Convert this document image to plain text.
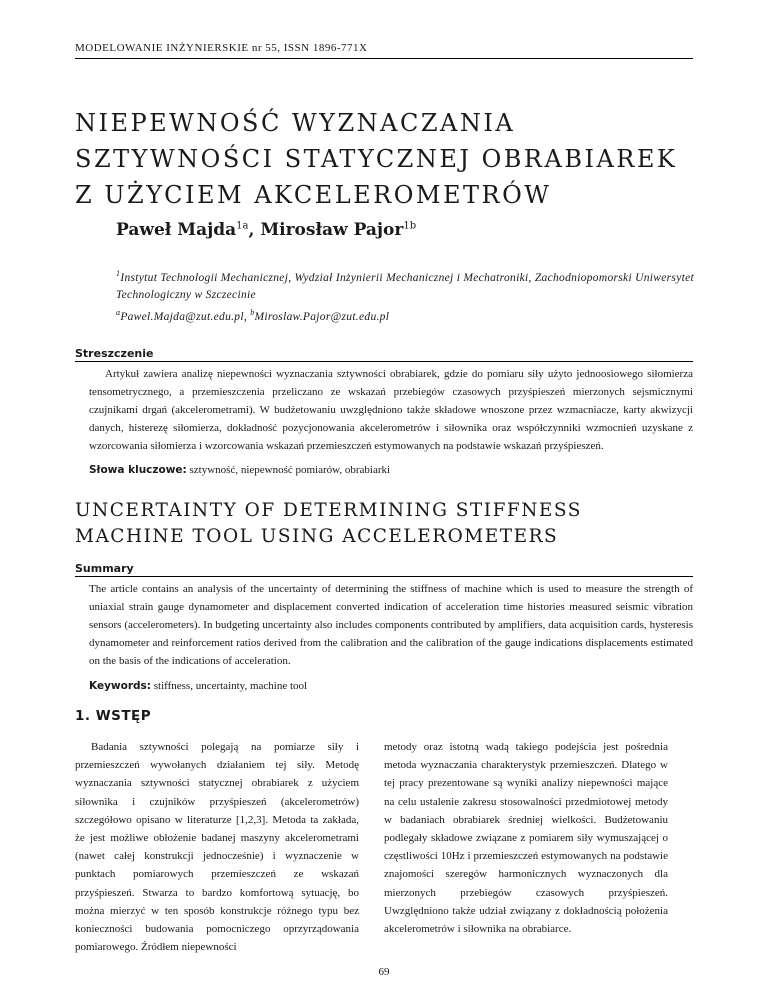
MODELOWANIE INŻYNIERSKIE nr 55, ISSN 1896-771X
NIEPEWNOŚĆ WYZNACZANIA SZTYWNOŚCI STATYCZNEJ OBRABIAREK Z UŻYCIEM AKCELEROMETRÓW
Paweł Majda$^{1a}$, Mirosław Pajor$^{1b}$
$^1$Instytut Technologii Mechanicznej, Wydział Inżynierii Mechanicznej i Mechatroniki, Zachodniopomorski Uniwersytet Technologiczny w Szczecinie
$^a$Pawel.Majda@zut.edu.pl, $^b$Miroslaw.Pajor@zut.edu.pl
Streszczenie

Artykuł zawiera analizę niepewności wyznaczania sztywności obrabiarek, gdzie do pomiaru siły użyto jednoosiowego siłomierza tensometrycznego, a przemieszczenia przeliczano ze wskazań przebiegów czasowych przyśpieszeń mierzonych sejsmicznymi czujnikami drgań (akcelerometrami). W budżetowaniu uwzględniono także składowe wnoszone przez wzmacniacze, karty akwizycji danych, histerezę siłomierza, dokładność pozycjonowania akcelerometrów i siłownika oraz współczynniki wzmocnień uzyskane z wzorcowania siłomierza i wzorcowania wskazań przemieszczeń estymowanych na podstawie wskazań przyśpieszeń.

Słowa kluczowe: sztywność, niepewność pomiarów, obrabiarki
UNCERTAINTY OF DETERMINING STIFFNESS MACHINE TOOL USING ACCELEROMETERS
Summary

The article contains an analysis of the uncertainty of determining the stiffness of machine which is used to measure the strength of uniaxial strain gauge dynamometer and displacement converted indication of acceleration time histories measured seismic vibration sensors (accelerometers). In budgeting uncertainty also includes components contributed by amplifiers, data acquisition cards, hysteresis dynamometer and reinforcement ratios derived from the calibration and the calibration of the gauge indications displacements estimated on the basis of the indications of acceleration.

Keywords: stiffness, uncertainty, machine tool
1. WSTĘP

Badania sztywności polegają na pomiarze siły i przemieszczeń wywołanych działaniem tej siły. Metodę wyznaczania sztywności statycznej obrabiarek z użyciem siłownika i czujników przyśpieszeń (akcelerometrów) szczegółowo opisano w literaturze [1,2,3]. Metoda ta zakłada, że jest możliwe obłożenie badanej maszyny akcelerometrami (nawet całej konstrukcji jednocześnie) i wyznaczenie w punktach pomiarowych przemieszczeń ze wskazań przyśpieszeń. Stwarza to bardzo komfortową sytuację, bo można mierzyć w ten sposób konstrukcje różnego typu bez konieczności budowania pomocniczego oprzyrządowania pomiarowego. Źródłem niepewności

metody oraz istotną wadą takiego podejścia jest pośrednia metoda wyznaczania charakterystyk przemieszczeń. Dlatego w tej pracy prezentowane są wyniki analizy niepewności mające na celu ustalenie zakresu stosowalności przedmiotowej metody w badaniach obrabiarek średniej wielkości. Budżetowaniu podlegały składowe związane z pomiarem siły wymuszającej o częstliwości 10Hz i przemieszczeń estymowanych na podstawie znajomości szeregów harmonicznych wyznaczonych dla mierzonych przebiegów czasowych przyśpieszeń. Uwzględniono także udział związany z dokładnością położenia akcelerometrów i siłownika na obrabiarce.

69
